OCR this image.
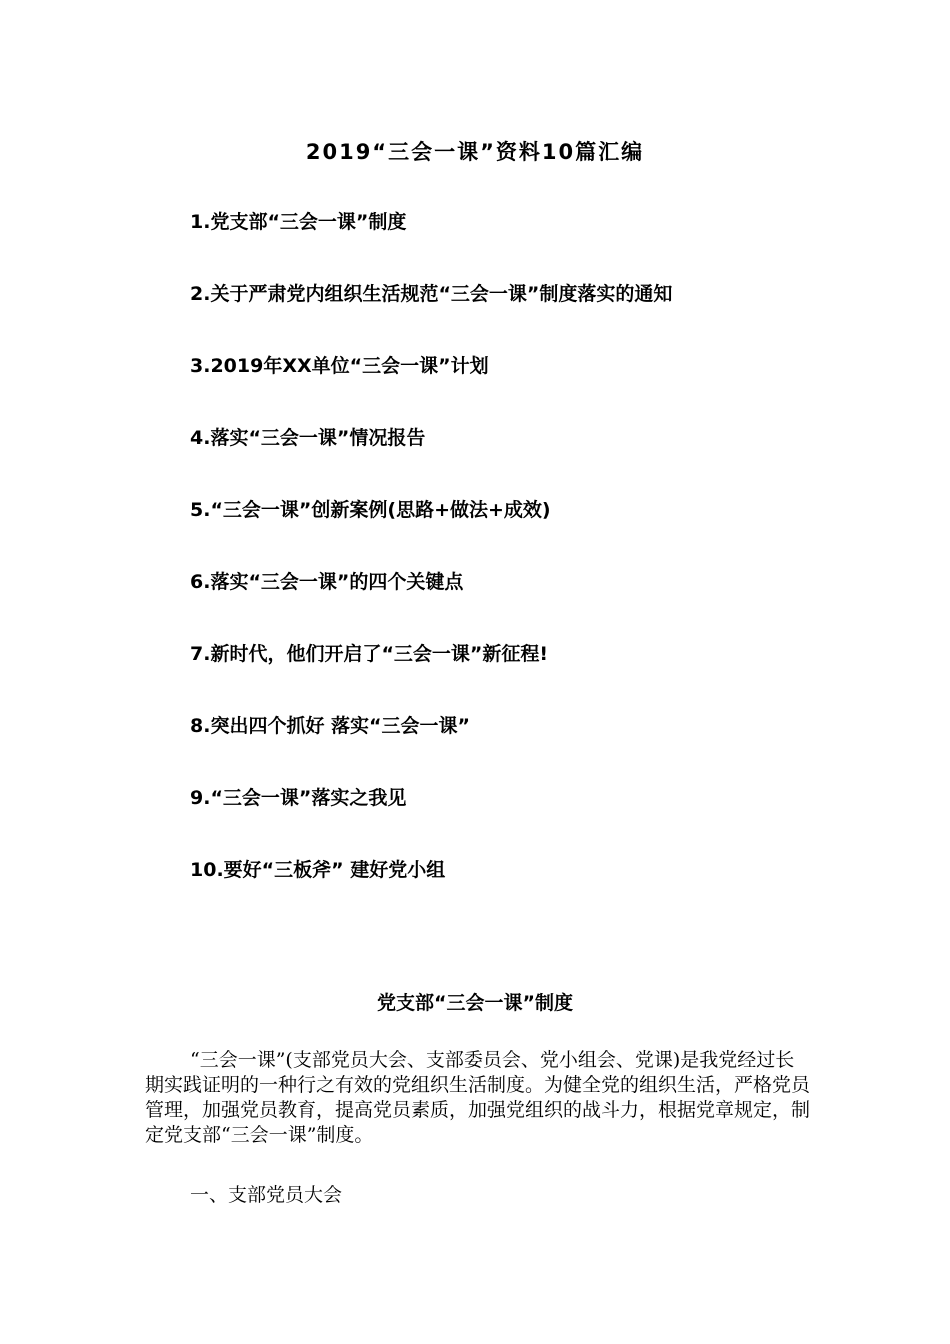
2019“三会一课”资料10篇汇编
1.党支部“三会一课”制度
2.关于严肃党内组织生活规范“三会一课”制度落实的通知
3.2019年XX单位“三会一课”计划
4.落实“三会一课”情况报告
5.“三会一课”创新案例(思路+做法+成效)
6.落实“三会一课”的四个关键点
7.新时代，他们开启了“三会一课”新征程!
8.突出四个抓好 落实“三会一课”
9.“三会一课”落实之我见
10.要好“三板斧” 建好党小组
党支部“三会一课”制度

“三会一课”(支部党员大会、支部委员会、党小组会、党课)是我党经过长期实践证明的一种行之有效的党组织生活制度。为健全党的组织生活，严格党员管理，加强党员教育，提高党员素质，加强党组织的战斗力，根据党章规定，制定党支部“三会一课”制度。

一、支部党员大会
